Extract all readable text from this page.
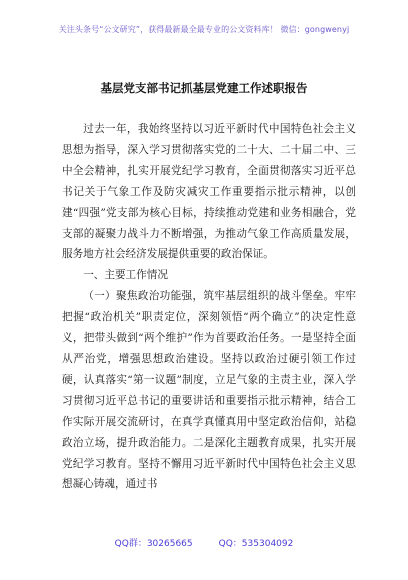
关注头条号“公文研究”，获得最新最全最专业的公文资料库！ 微信：gongwenyj
基层党支部书记抓基层党建工作述职报告

过去一年，我始终坚持以习近平新时代中国特色社会主义思想为指导，深入学习贯彻落实党的二十大、二十届二中、三中全会精神，扎实开展党纪学习教育，全面贯彻落实习近平总书记关于气象工作及防灾减灾工作重要指示批示精神，以创建“四强”党支部为核心目标，持续推动党建和业务相融合，党支部的凝聚力战斗力不断增强，为推动气象工作高质量发展，服务地方社会经济发展提供重要的政治保证。

一、主要工作情况

（一）聚焦政治功能强，筑牢基层组织的战斗堡垒。牢牢把握“政治机关”职责定位，深刻领悟“两个确立”的决定性意义，把带头做到“两个维护”作为首要政治任务。一是坚持全面从严治党，增强思想政治建设。坚持以政治过硬引领工作过硬，认真落实“第一议题”制度，立足气象的主责主业，深入学习贯彻习近平总书记的重要讲话和重要指示批示精神，结合工作实际开展交流研讨，在真学真懂真用中坚定政治信仰，站稳政治立场，提升政治能力。二是深化主题教育成果，扎实开展党纪学习教育。坚持不懈用习近平新时代中国特色社会主义思想凝心铸魂，通过书

QQ群：30265665	QQ：535304092
